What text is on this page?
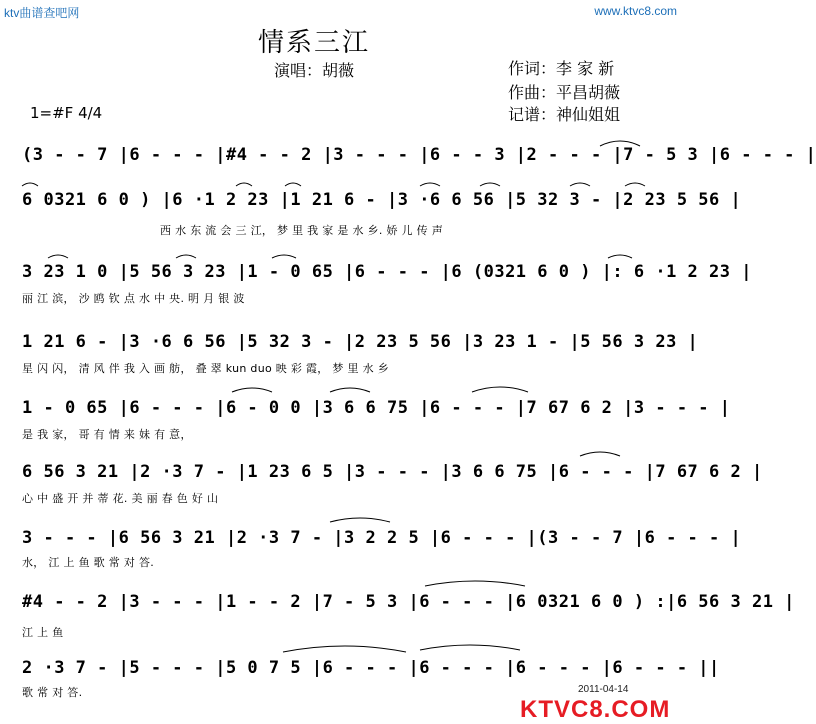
ktv曲谱查吧网	www.ktvc8.com
情系三江
演唱：胡薇	作词：李 家 新
作曲：平昌胡薇
记谱：神仙姐姐
1=#F 4/4
(3 - - 7 |6 - - - |#4 - - 2 |3 - - - |6 - - 3 |2 - - - |7 - 5 3 |6 - - - |
6 0321 6 0 ) |6 ·1 2 23 |1 21 6 - |3 ·6 6 56 |5 32 3 - |2 23 5 56 |
西 水 东 流 会 三 江， 梦 里 我 家 是 水 乡. 娇 儿 传 声
3 23 1 0 |5 56 3 23 |1 - 0 65 |6 - - - |6 (0321 6 0 ) |: 6 ·1 2 23 |
丽 江 滨， 沙 鸥 钦 点 水 中 央. 明 月 银 波
1 21 6 - |3 ·6 6 56 |5 32 3 - |2 23 5 56 |3 23 1 - |5 56 3 23 |
星 闪 闪， 清 风 伴 我 入 画 舫， 叠 翠 kun duo 映 彩 霞， 梦 里 水 乡
1 - 0 65 |6 - - - |6 - 0 0 |3 6 6 75 |6 - - - |7 67 6 2 |3 - - - |
是 我 家， 哥 有 情 来 妹 有 意，
6 56 3 21 |2 ·3 7 - |1 23 6 5 |3 - - - |3 6 6 75 |6 - - - |7 67 6 2 |
心 中 盛 开 并 蒂 花. 美 丽 春 色 好 山
3 - - - |6 56 3 21 |2 ·3 7 - |3 2 2 5 |6 - - - |(3 - - 7 |6 - - - |
水， 江 上 鱼 歌 常 对 答.
#4 - - 2 |3 - - - |1 - - 2 |7 - 5 3 |6 - - - |6 0321 6 0 ) :|6 56 3 21 |
江 上 鱼
2 ·3 7 - |5 - - - |5 0 7 5 |6 - - - |6 - - - |6 - - - |6 - - - ||
歌 常 对 答.	2011-04-14
KTVC8.COM
